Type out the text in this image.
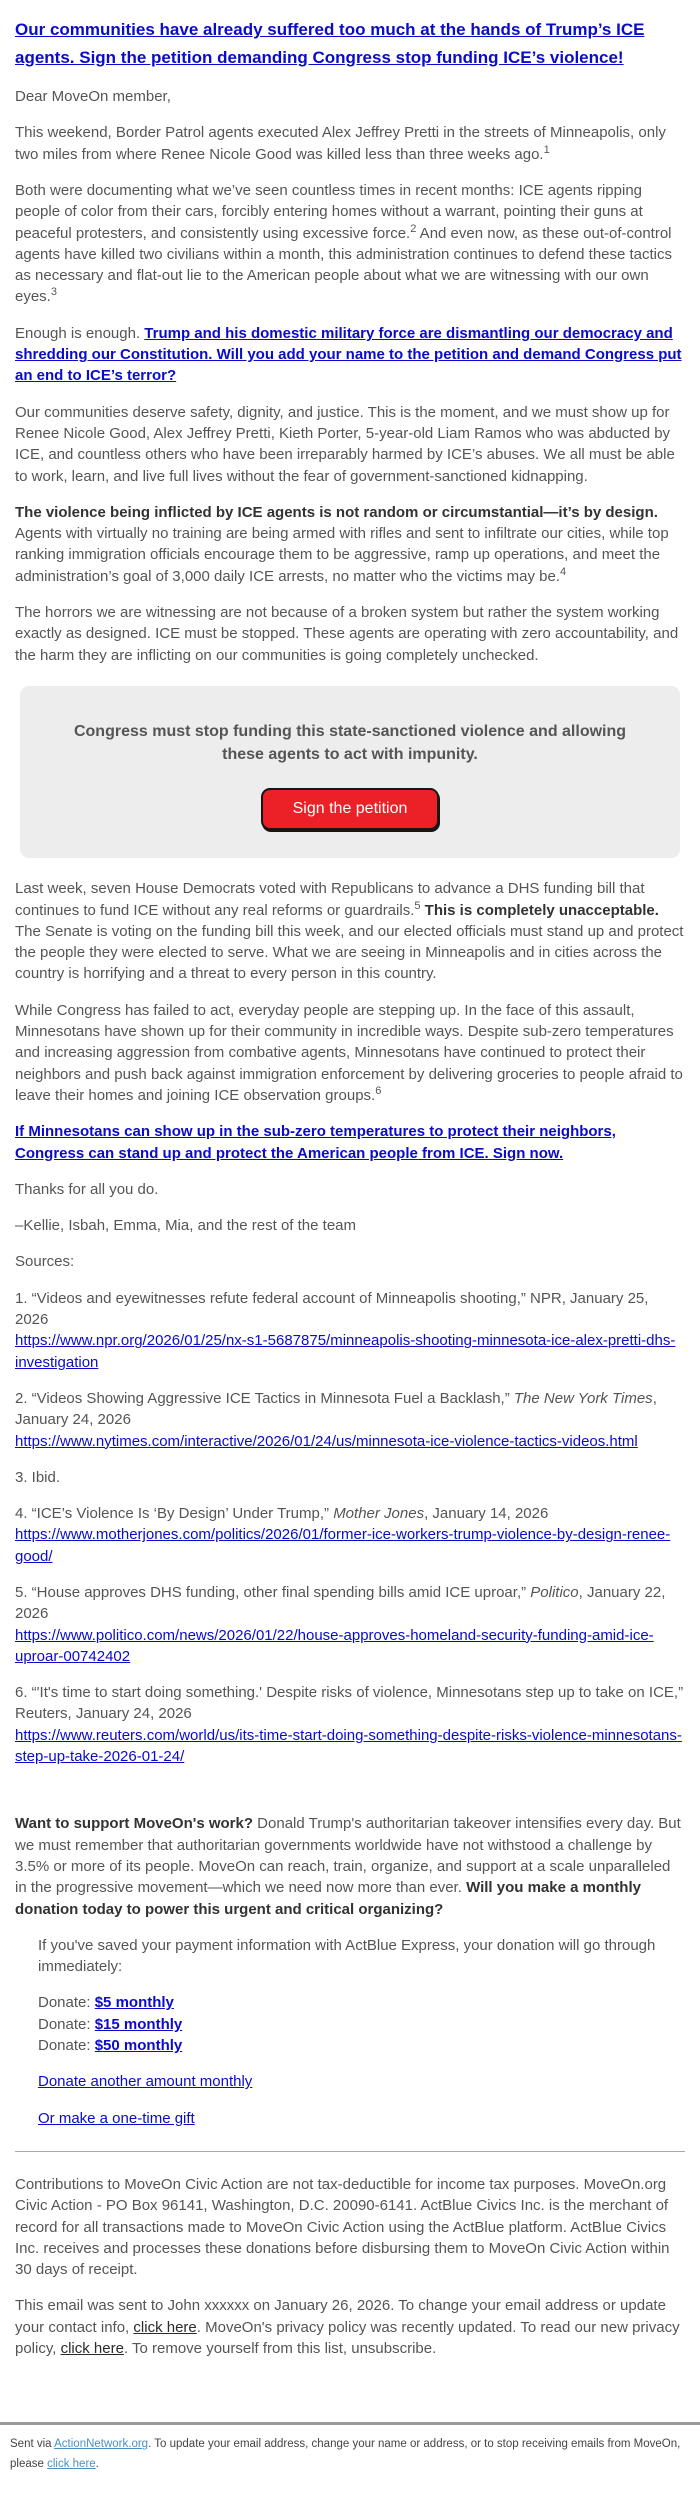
Our communities have already suffered too much at the hands of Trump’s ICE agents. Sign the petition demanding Congress stop funding ICE’s violence!

Dear MoveOn member,

This weekend, Border Patrol agents executed Alex Jeffrey Pretti in the streets of Minneapolis, only two miles from where Renee Nicole Good was killed less than three weeks ago.$^1$

Both were documenting what we’ve seen countless times in recent months: ICE agents ripping people of color from their cars, forcibly entering homes without a warrant, pointing their guns at peaceful protesters, and consistently using excessive force.$^2$ And even now, as these out-of-control agents have killed two civilians within a month, this administration continues to defend these tactics as necessary and flat-out lie to the American people about what we are witnessing with our own eyes.$^3$

Enough is enough. Trump and his domestic military force are dismantling our democracy and shredding our Constitution. Will you add your name to the petition and demand Congress put an end to ICE’s terror?

Our communities deserve safety, dignity, and justice. This is the moment, and we must show up for Renee Nicole Good, Alex Jeffrey Pretti, Kieth Porter, 5-year-old Liam Ramos who was abducted by ICE, and countless others who have been irreparably harmed by ICE’s abuses. We all must be able to work, learn, and live full lives without the fear of government-sanctioned kidnapping.

The violence being inflicted by ICE agents is not random or circumstantial—it’s by design. Agents with virtually no training are being armed with rifles and sent to infiltrate our cities, while top ranking immigration officials encourage them to be aggressive, ramp up operations, and meet the administration’s goal of 3,000 daily ICE arrests, no matter who the victims may be.$^4$

The horrors we are witnessing are not because of a broken system but rather the system working exactly as designed. ICE must be stopped. These agents are operating with zero accountability, and the harm they are inflicting on our communities is going completely unchecked.

Congress must stop funding this state-sanctioned violence and allowing these agents to act with impunity.

Sign the petition

Last week, seven House Democrats voted with Republicans to advance a DHS funding bill that continues to fund ICE without any real reforms or guardrails.$^5$ This is completely unacceptable. The Senate is voting on the funding bill this week, and our elected officials must stand up and protect the people they were elected to serve. What we are seeing in Minneapolis and in cities across the country is horrifying and a threat to every person in this country.

While Congress has failed to act, everyday people are stepping up. In the face of this assault, Minnesotans have shown up for their community in incredible ways. Despite sub-zero temperatures and increasing aggression from combative agents, Minnesotans have continued to protect their neighbors and push back against immigration enforcement by delivering groceries to people afraid to leave their homes and joining ICE observation groups.$^6$

If Minnesotans can show up in the sub-zero temperatures to protect their neighbors, Congress can stand up and protect the American people from ICE. Sign now.

Thanks for all you do.

–Kellie, Isbah, Emma, Mia, and the rest of the team

Sources:

1. “Videos and eyewitnesses refute federal account of Minneapolis shooting,” NPR, January 25, 2026
https://www.npr.org/2026/01/25/nx-s1-5687875/minneapolis-shooting-minnesota-ice-alex-pretti-dhs-investigation

2. “Videos Showing Aggressive ICE Tactics in Minnesota Fuel a Backlash,” The New York Times, January 24, 2026
https://www.nytimes.com/interactive/2026/01/24/us/minnesota-ice-violence-tactics-videos.html

3. Ibid.

4. “ICE’s Violence Is ‘By Design’ Under Trump,” Mother Jones, January 14, 2026
https://www.motherjones.com/politics/2026/01/former-ice-workers-trump-violence-by-design-renee-good/

5. “House approves DHS funding, other final spending bills amid ICE uproar,” Politico, January 22, 2026
https://www.politico.com/news/2026/01/22/house-approves-homeland-security-funding-amid-ice-uproar-00742402

6. “'It's time to start doing something.' Despite risks of violence, Minnesotans step up to take on ICE,” Reuters, January 24, 2026
https://www.reuters.com/world/us/its-time-start-doing-something-despite-risks-violence-minnesotans-step-up-take-2026-01-24/

Want to support MoveOn's work? Donald Trump's authoritarian takeover intensifies every day. But we must remember that authoritarian governments worldwide have not withstood a challenge by 3.5% or more of its people. MoveOn can reach, train, organize, and support at a scale unparalleled in the progressive movement—which we need now more than ever. Will you make a monthly donation today to power this urgent and critical organizing?

If you've saved your payment information with ActBlue Express, your donation will go through immediately:

Donate: $5 monthly
Donate: $15 monthly
Donate: $50 monthly

Donate another amount monthly

Or make a one-time gift

Contributions to MoveOn Civic Action are not tax-deductible for income tax purposes. MoveOn.org Civic Action - PO Box 96141, Washington, D.C. 20090-6141. ActBlue Civics Inc. is the merchant of record for all transactions made to MoveOn Civic Action using the ActBlue platform. ActBlue Civics Inc. receives and processes these donations before disbursing them to MoveOn Civic Action within 30 days of receipt.

This email was sent to John xxxxxx on January 26, 2026. To change your email address or update your contact info, click here. MoveOn's privacy policy was recently updated. To read our new privacy policy, click here. To remove yourself from this list, unsubscribe.

Sent via ActionNetwork.org. To update your email address, change your name or address, or to stop receiving emails from MoveOn, please click here.
